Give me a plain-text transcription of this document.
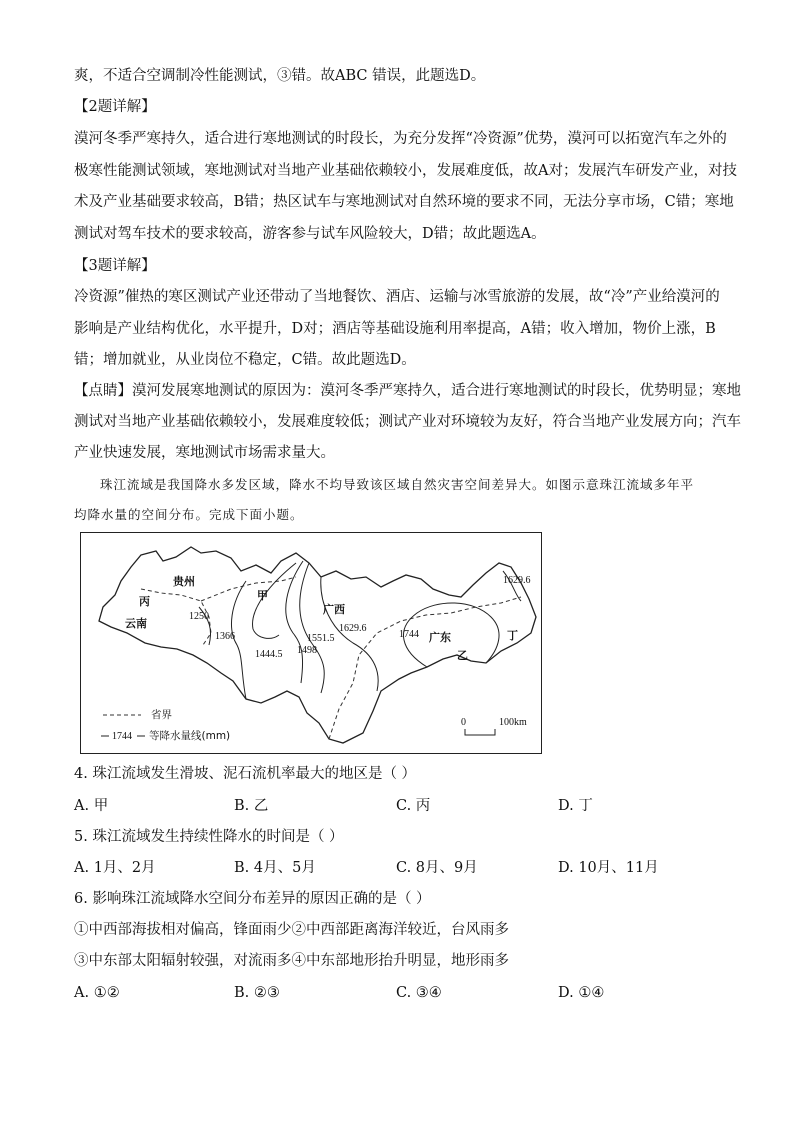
爽，不适合空调制冷性能测试，③错。故ABC 错误，此题选D。
【2题详解】
漠河冬季严寒持久，适合进行寒地测试的时段长，为充分发挥“冷资源”优势，漠河可以拓宽汽车之外的
极寒性能测试领域，寒地测试对当地产业基础依赖较小，发展难度低，故A对；发展汽车研发产业，对技
术及产业基础要求较高，B错；热区试车与寒地测试对自然环境的要求不同，无法分享市场，C错；寒地
测试对驾车技术的要求较高，游客参与试车风险较大，D错；故此题选A。
【3题详解】
冷资源”催热的寒区测试产业还带动了当地餐饮、酒店、运输与冰雪旅游的发展，故“冷”产业给漠河的
影响是产业结构优化，水平提升，D对；酒店等基础设施利用率提高，A错；收入增加，物价上涨，B
错；增加就业，从业岗位不稳定，C错。故此题选D。
【点睛】漠河发展寒地测试的原因为：漠河冬季严寒持久，适合进行寒地测试的时段长，优势明显；寒地
测试对当地产业基础依赖较小，发展难度较低；测试产业对环境较为友好，符合当地产业发展方向；汽车
产业快速发展，寒地测试市场需求量大。
珠江流域是我国降水多发区域，降水不均导致该区域自然灾害空间差异大。如图示意珠江流域多年平
均降水量的空间分布。完成下面小题。
贵州
云南
广西
广东
甲
乙
丙
丁
1250
1366
1444.5 1498
1551.5
1629.6
1744
1629.6
省界
1744 等降水量线(mm)
0	100km
4. 珠江流域发生滑坡、泥石流机率最大的地区是（ ）
A. 甲	B. 乙	C. 丙	D. 丁
5. 珠江流域发生持续性降水的时间是（ ）
A. 1月、2月	B. 4月、5月	C. 8月、9月	D. 10月、11月
6. 影响珠江流域降水空间分布差异的原因正确的是（ ）
①中西部海拔相对偏高，锋面雨少②中西部距离海洋较近，台风雨多
③中东部太阳辐射较强，对流雨多④中东部地形抬升明显，地形雨多
A. ①②	B. ②③	C. ③④	D. ①④
